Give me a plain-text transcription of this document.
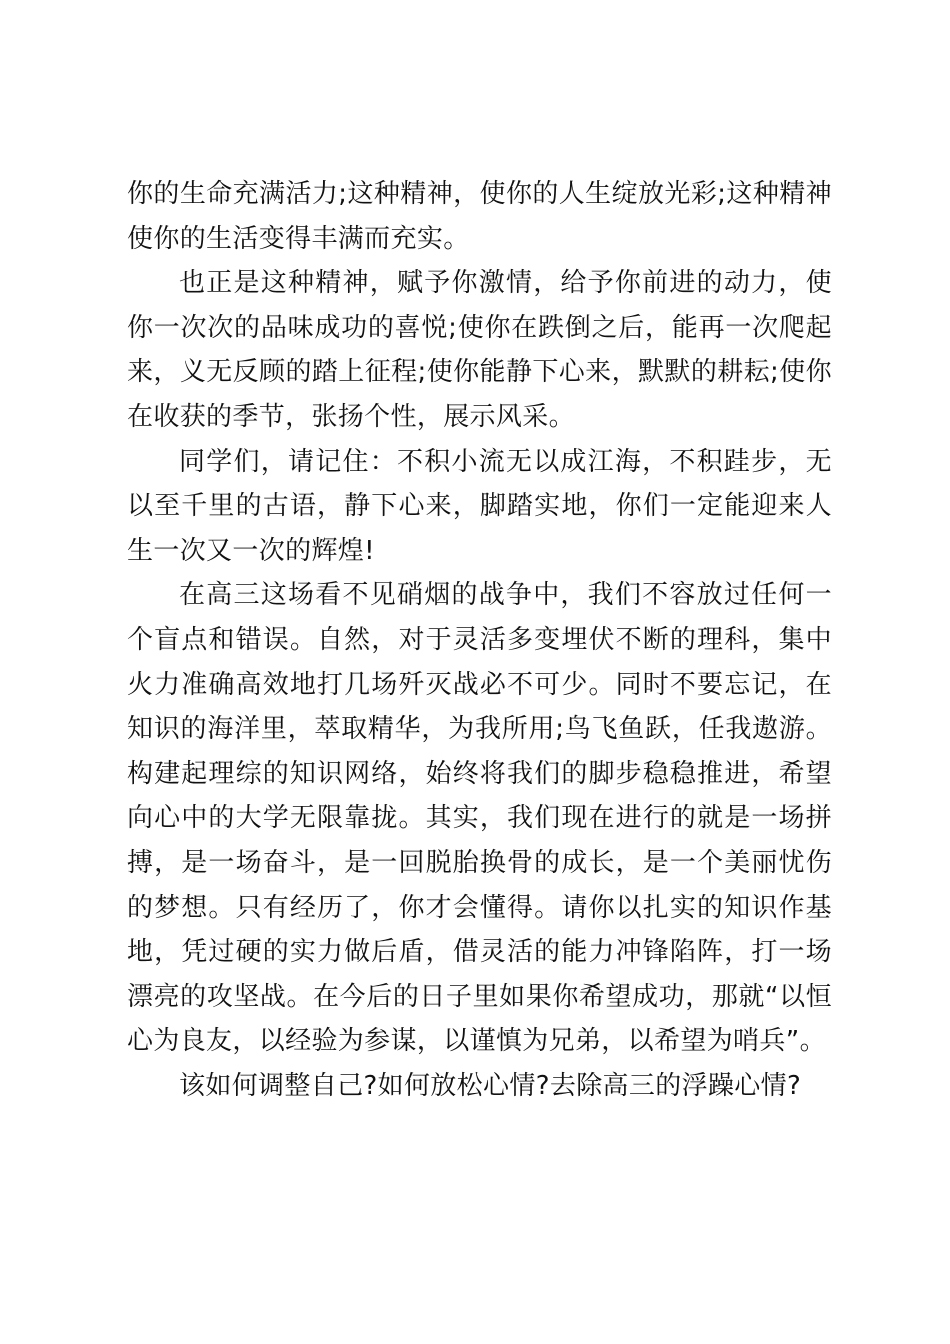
你的生命充满活力;这种精神，使你的人生绽放光彩;这种精神使你的生活变得丰满而充实。

也正是这种精神，赋予你激情，给予你前进的动力，使你一次次的品味成功的喜悦;使你在跌倒之后，能再一次爬起来，义无反顾的踏上征程;使你能静下心来，默默的耕耘;使你在收获的季节，张扬个性，展示风采。

同学们，请记住：不积小流无以成江海，不积跬步，无以至千里的古语，静下心来，脚踏实地，你们一定能迎来人生一次又一次的辉煌!

在高三这场看不见硝烟的战争中，我们不容放过任何一个盲点和错误。自然，对于灵活多变埋伏不断的理科，集中火力准确高效地打几场歼灭战必不可少。同时不要忘记，在知识的海洋里，萃取精华，为我所用;鸟飞鱼跃，任我遨游。构建起理综的知识网络，始终将我们的脚步稳稳推进，希望向心中的大学无限靠拢。其实，我们现在进行的就是一场拼搏，是一场奋斗，是一回脱胎换骨的成长，是一个美丽忧伤的梦想。只有经历了，你才会懂得。请你以扎实的知识作基地，凭过硬的实力做后盾，借灵活的能力冲锋陷阵，打一场漂亮的攻坚战。在今后的日子里如果你希望成功，那就“以恒心为良友，以经验为参谋，以谨慎为兄弟，以希望为哨兵”。

该如何调整自己?如何放松心情?去除高三的浮躁心情?
